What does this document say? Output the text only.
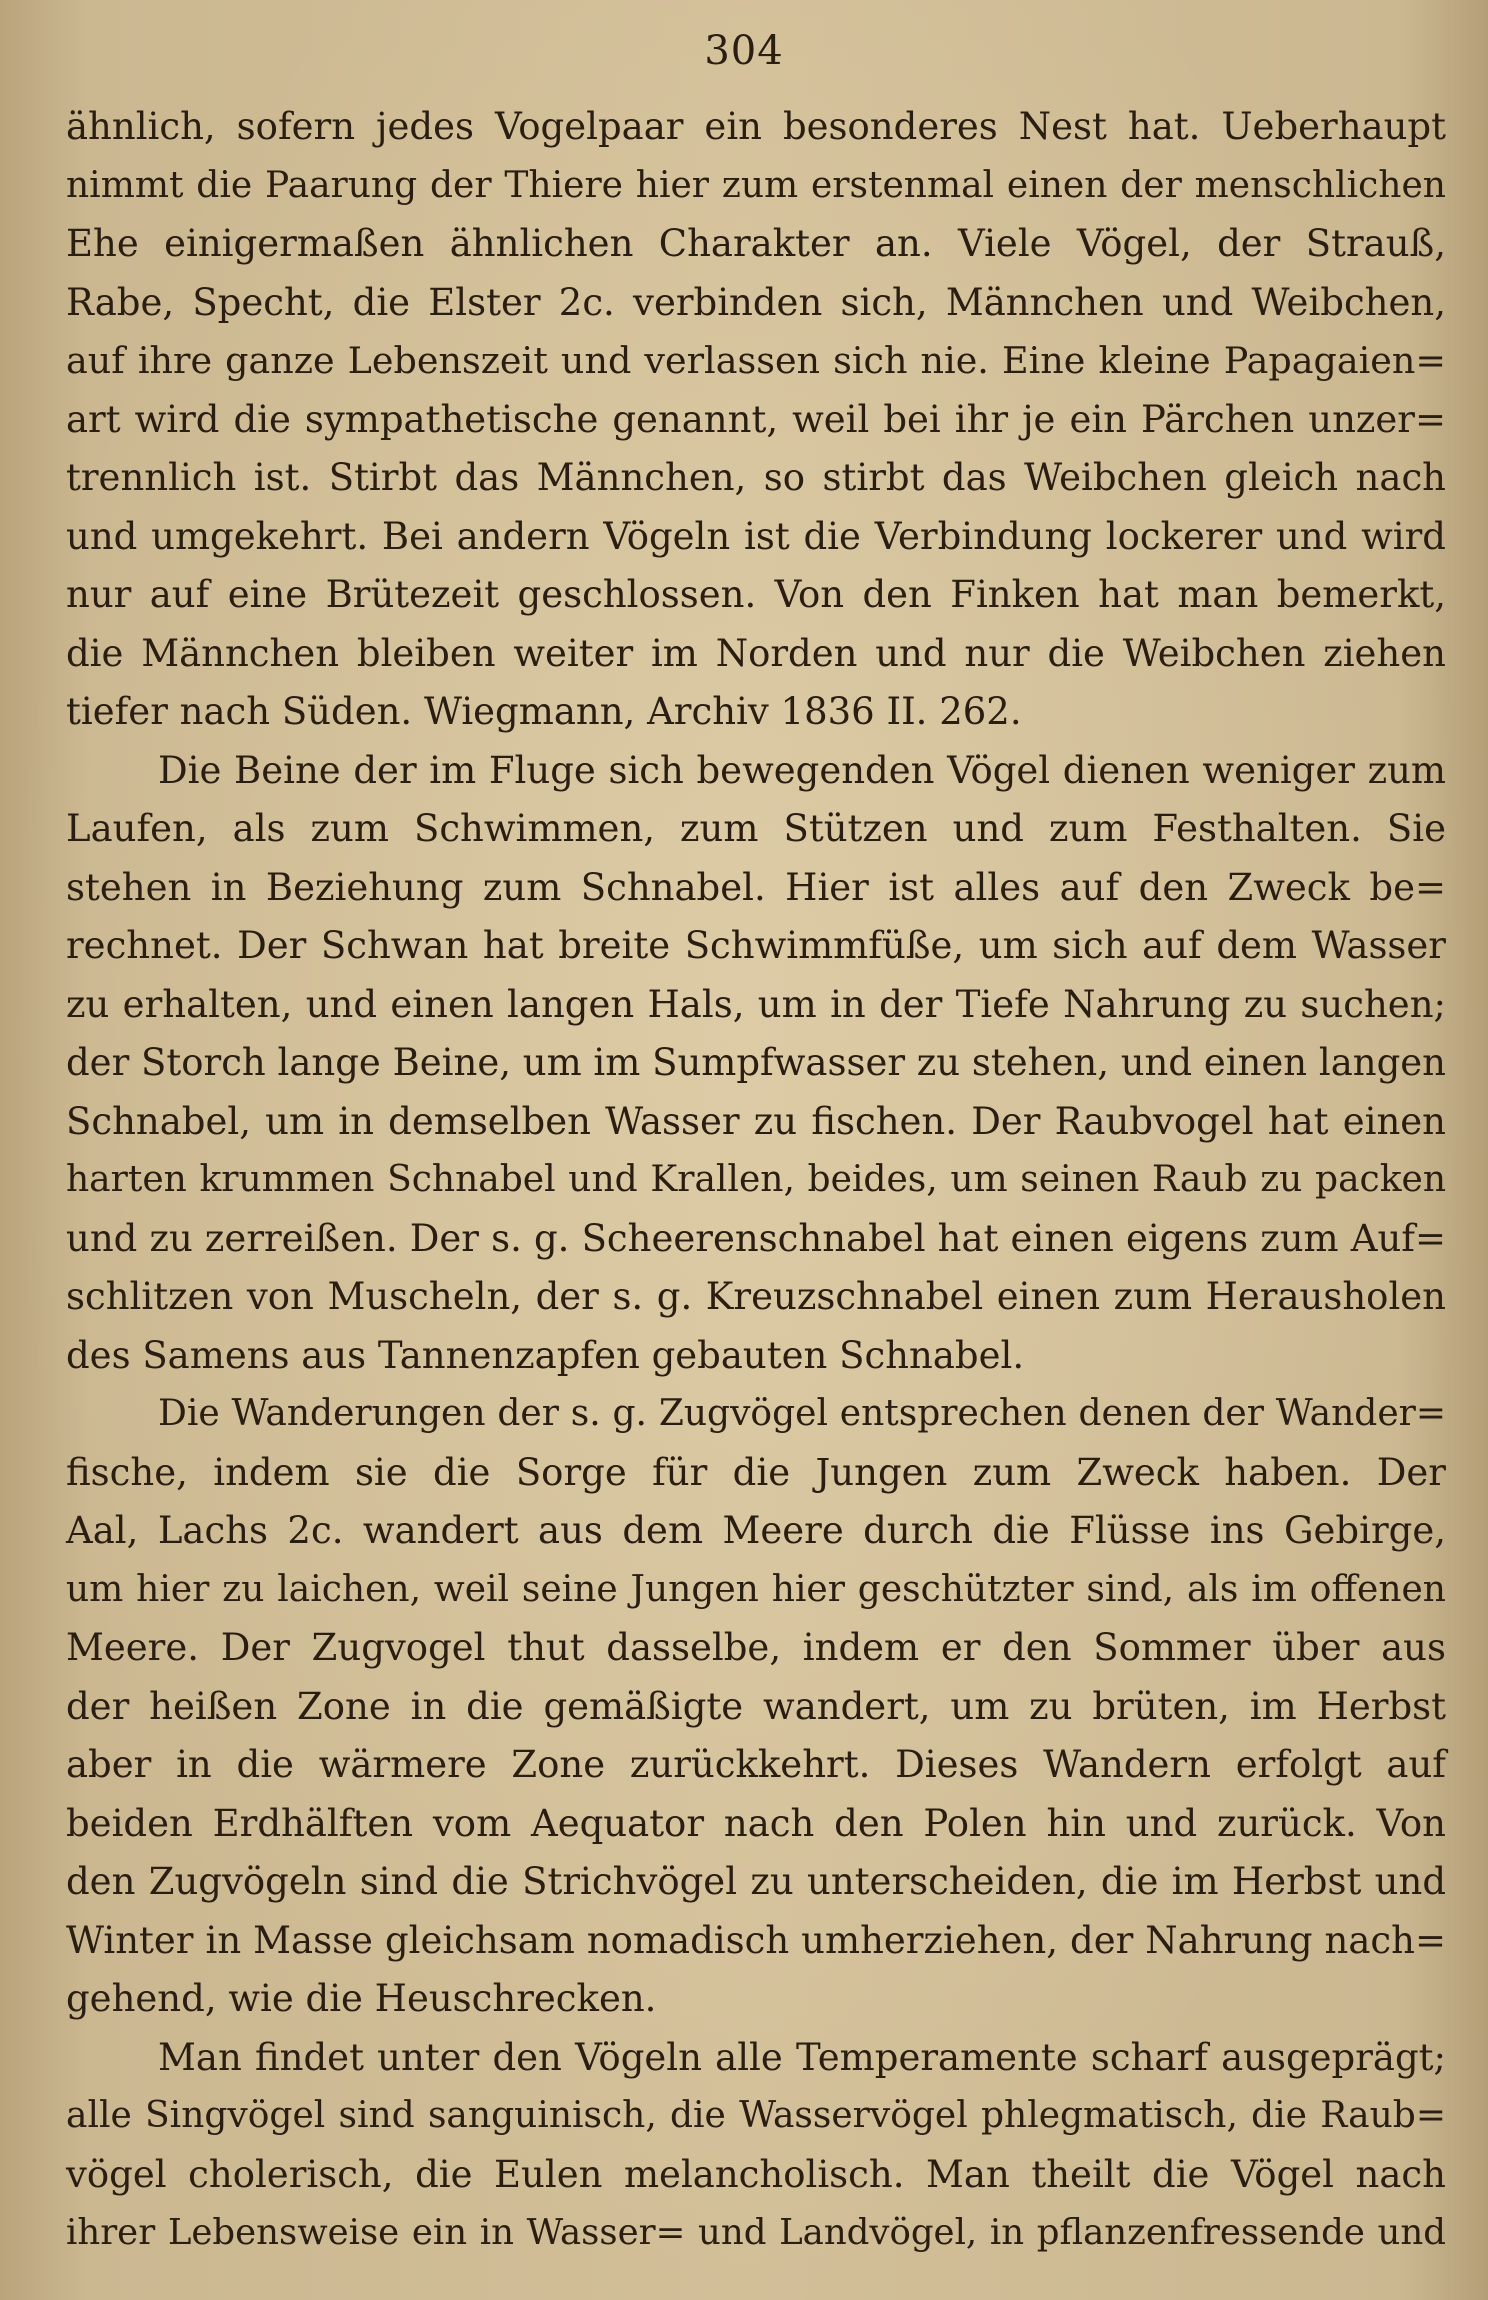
304
ähnlich, sofern jedes Vogelpaar ein besonderes Nest hat. Ueberhaupt
nimmt die Paarung der Thiere hier zum erstenmal einen der menschlichen
Ehe einigermaßen ähnlichen Charakter an. Viele Vögel, der Strauß,
Rabe, Specht, die Elster 2c. verbinden sich, Männchen und Weibchen,
auf ihre ganze Lebenszeit und verlassen sich nie. Eine kleine Papagaien=
art wird die sympathetische genannt, weil bei ihr je ein Pärchen unzer=
trennlich ist. Stirbt das Männchen, so stirbt das Weibchen gleich nach
und umgekehrt. Bei andern Vögeln ist die Verbindung lockerer und wird
nur auf eine Brütezeit geschlossen. Von den Finken hat man bemerkt,
die Männchen bleiben weiter im Norden und nur die Weibchen ziehen
tiefer nach Süden. Wiegmann, Archiv 1836 II. 262.
Die Beine der im Fluge sich bewegenden Vögel dienen weniger zum
Laufen, als zum Schwimmen, zum Stützen und zum Festhalten. Sie
stehen in Beziehung zum Schnabel. Hier ist alles auf den Zweck be=
rechnet. Der Schwan hat breite Schwimmfüße, um sich auf dem Wasser
zu erhalten, und einen langen Hals, um in der Tiefe Nahrung zu suchen;
der Storch lange Beine, um im Sumpfwasser zu stehen, und einen langen
Schnabel, um in demselben Wasser zu fischen. Der Raubvogel hat einen
harten krummen Schnabel und Krallen, beides, um seinen Raub zu packen
und zu zerreißen. Der s. g. Scheerenschnabel hat einen eigens zum Auf=
schlitzen von Muscheln, der s. g. Kreuzschnabel einen zum Herausholen
des Samens aus Tannenzapfen gebauten Schnabel.
Die Wanderungen der s. g. Zugvögel entsprechen denen der Wander=
fische, indem sie die Sorge für die Jungen zum Zweck haben. Der
Aal, Lachs 2c. wandert aus dem Meere durch die Flüsse ins Gebirge,
um hier zu laichen, weil seine Jungen hier geschützter sind, als im offenen
Meere. Der Zugvogel thut dasselbe, indem er den Sommer über aus
der heißen Zone in die gemäßigte wandert, um zu brüten, im Herbst
aber in die wärmere Zone zurückkehrt. Dieses Wandern erfolgt auf
beiden Erdhälften vom Aequator nach den Polen hin und zurück. Von
den Zugvögeln sind die Strichvögel zu unterscheiden, die im Herbst und
Winter in Masse gleichsam nomadisch umherziehen, der Nahrung nach=
gehend, wie die Heuschrecken.
Man findet unter den Vögeln alle Temperamente scharf ausgeprägt;
alle Singvögel sind sanguinisch, die Wasservögel phlegmatisch, die Raub=
vögel cholerisch, die Eulen melancholisch. Man theilt die Vögel nach
ihrer Lebensweise ein in Wasser= und Landvögel, in pflanzenfressende und
